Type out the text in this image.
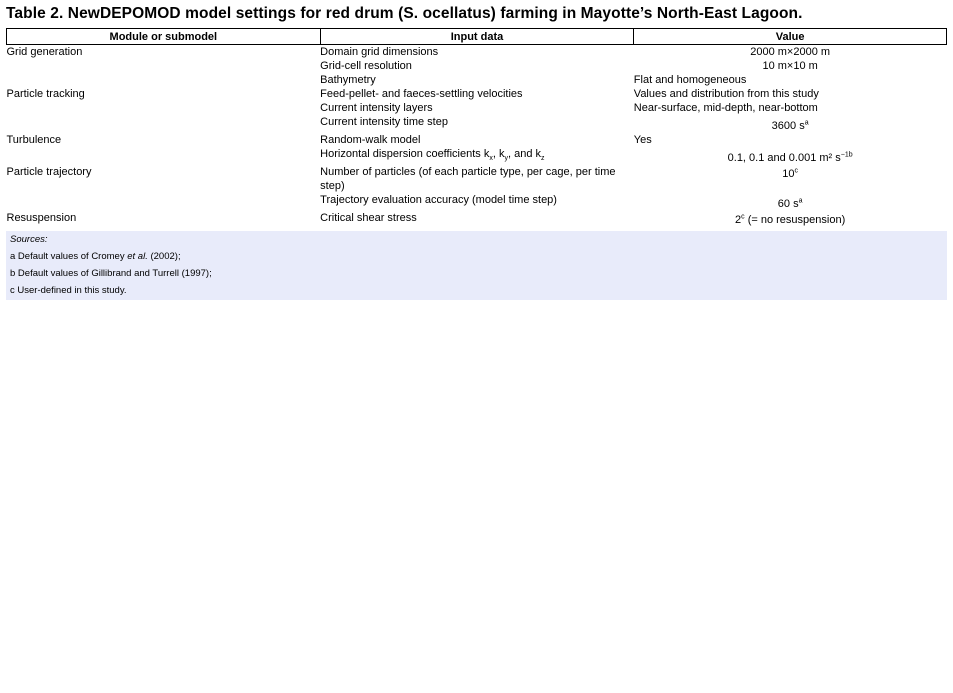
Table 2. NewDEPOMOD model settings for red drum (S. ocellatus) farming in Mayotte’s North-East Lagoon.
Module or submodel	Input data	Value
Grid generation	Domain grid dimensions	2000 m×2000 m
	Grid-cell resolution	10 m×10 m
	Bathymetry	Flat and homogeneous
Particle tracking	Feed-pellet- and faeces-settling velocities	Values and distribution from this study
	Current intensity layers	Near-surface, mid-depth, near-bottom
	Current intensity time step	3600 $s^a$
Turbulence	Random-walk model	Yes
	Horizontal dispersion coefficients $k_x$, $k_y$, and $k_z$	0.1, 0.1 and 0.001 m² $s^{-1b}$
Particle trajectory	Number of particles (of each particle type, per cage, per time step)	10$^c$
	Trajectory evaluation accuracy (model time step)	60 $s^a$
Resuspension	Critical shear stress	2$^c$ (= no resuspension)
Sources:
a Default values of Cromey et al. (2002);
b Default values of Gillibrand and Turrell (1997);
c User-defined in this study.
